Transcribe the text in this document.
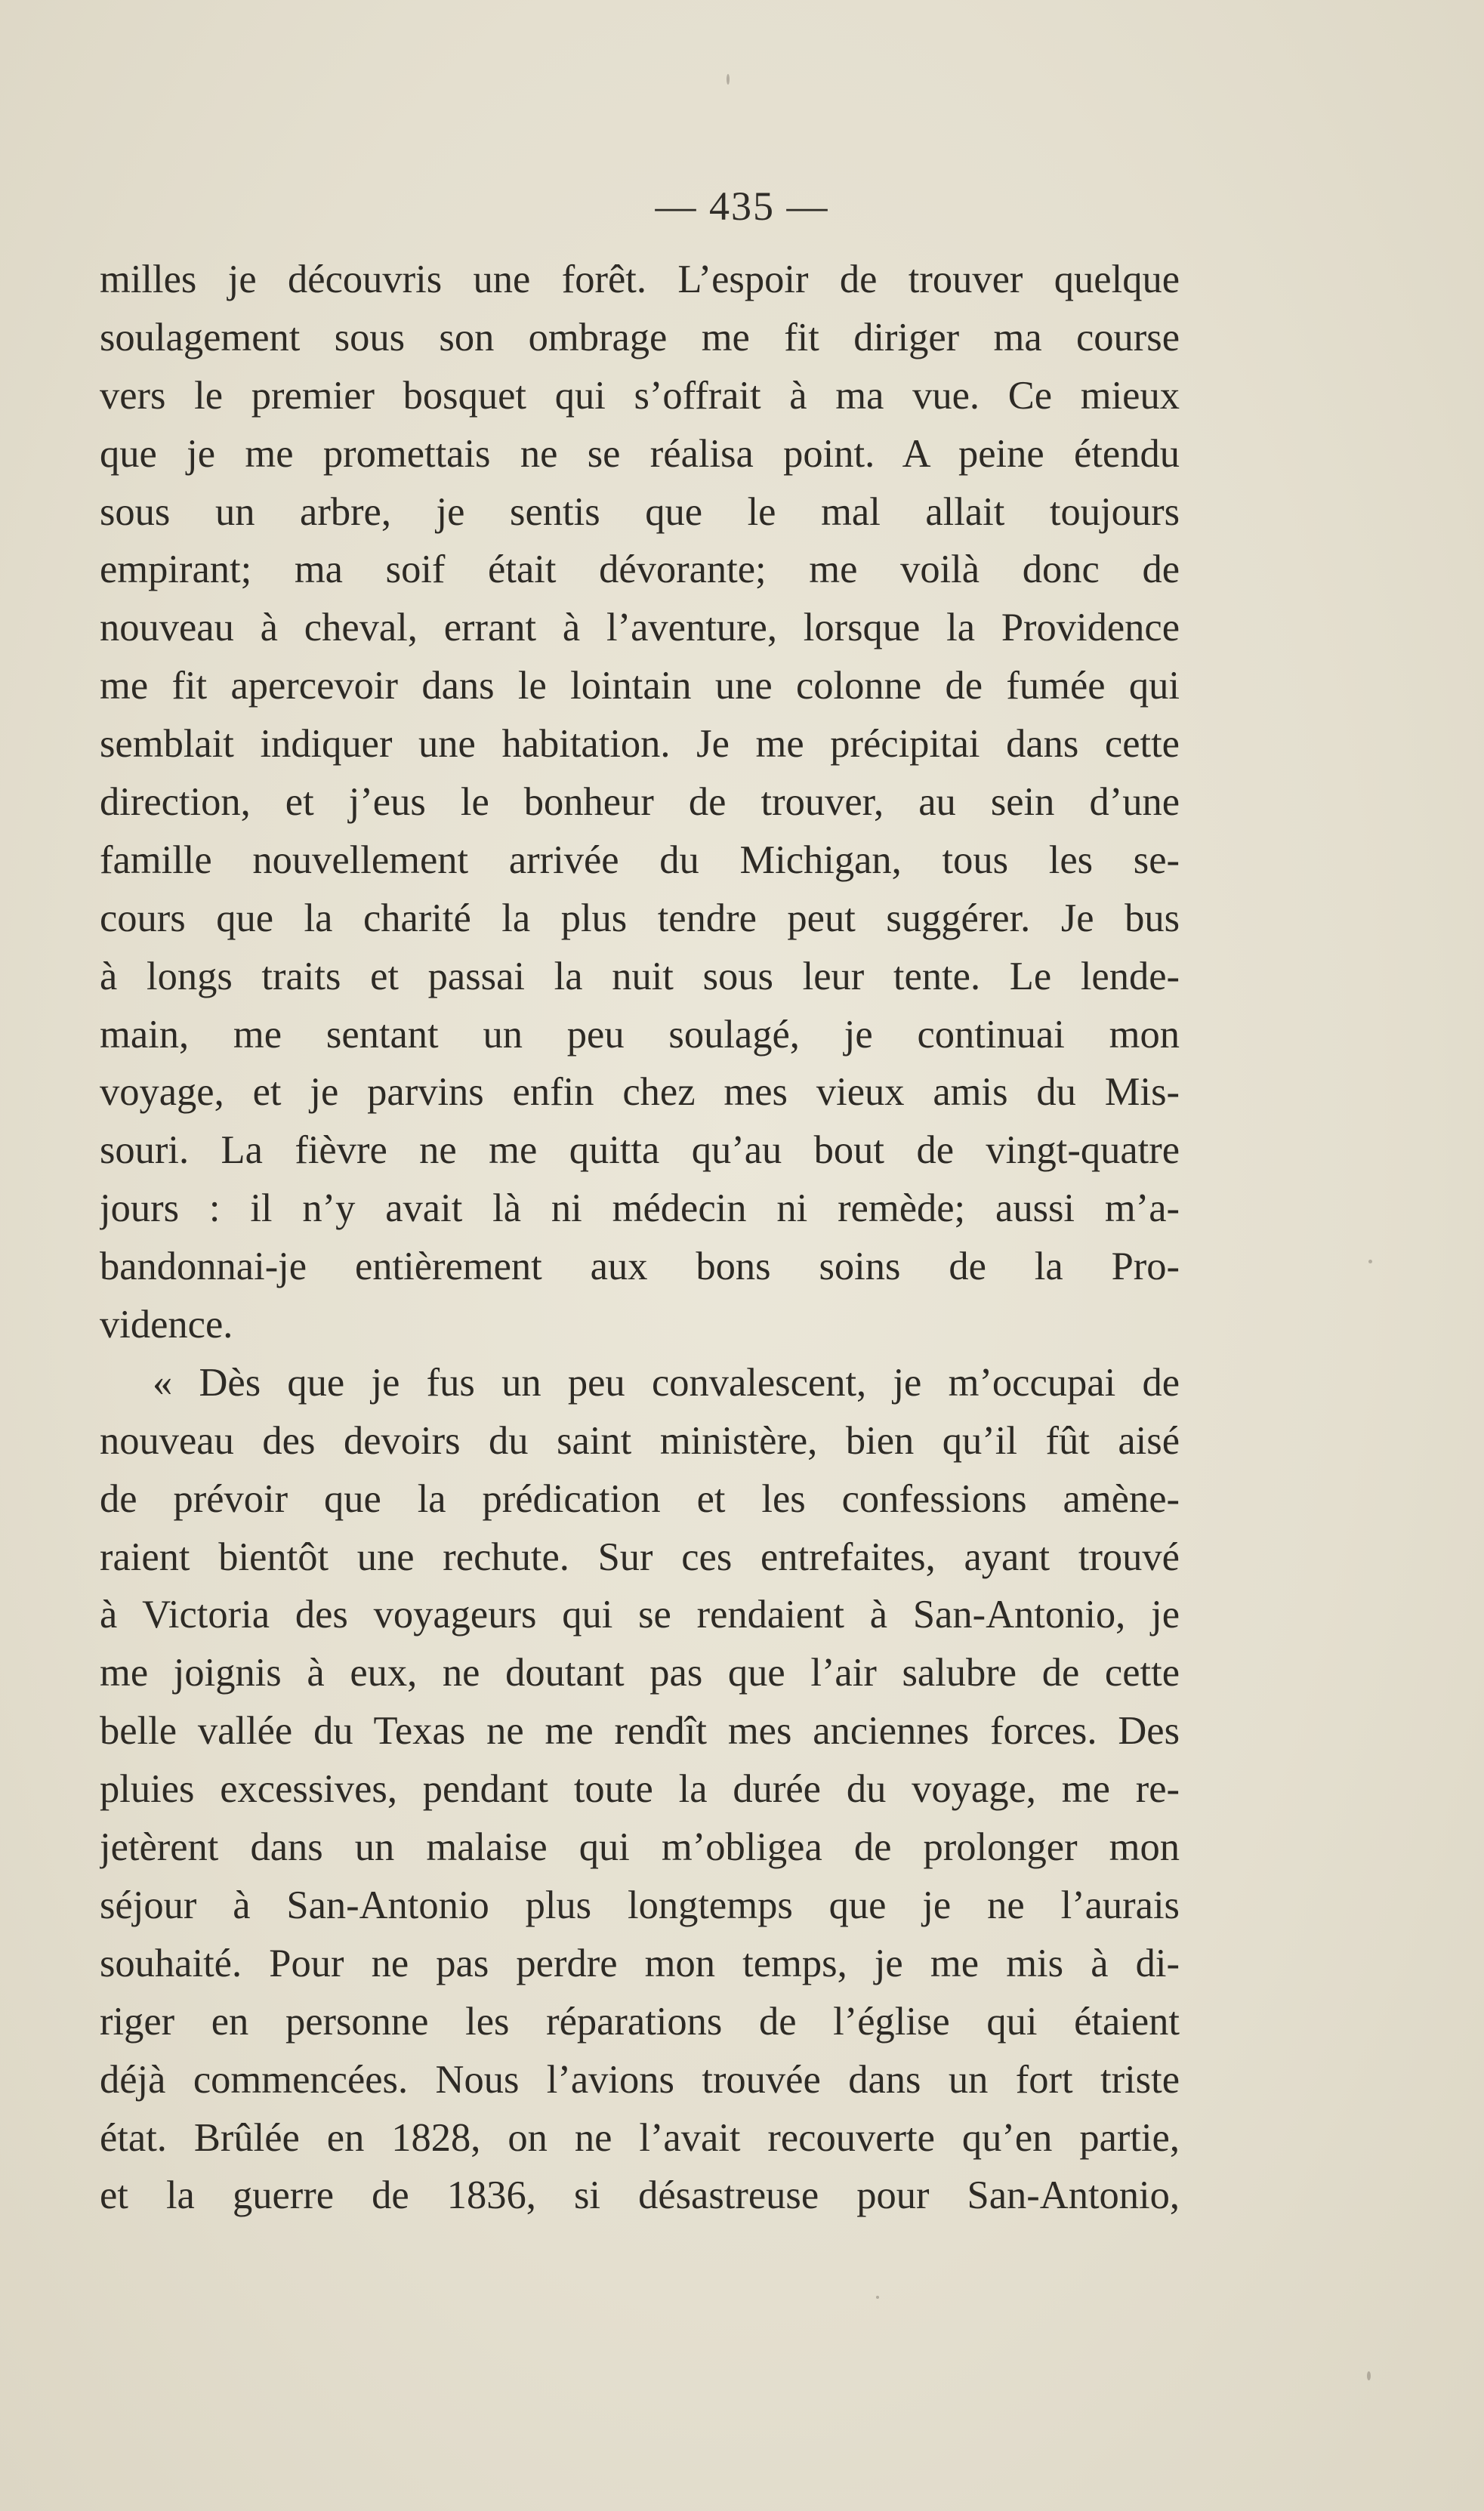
— 435 —
milles je découvris une forêt. L’espoir de trouver quelque
soulagement sous son ombrage me fit diriger ma course
vers le premier bosquet qui s’offrait à ma vue. Ce mieux
que je me promettais ne se réalisa point. A peine étendu
sous un arbre, je sentis que le mal allait toujours
empirant; ma soif était dévorante; me voilà donc de
nouveau à cheval, errant à l’aventure, lorsque la Providence
me fit apercevoir dans le lointain une colonne de fumée qui
semblait indiquer une habitation. Je me précipitai dans cette
direction, et j’eus le bonheur de trouver, au sein d’une
famille nouvellement arrivée du Michigan, tous les se-
cours que la charité la plus tendre peut suggérer. Je bus
à longs traits et passai la nuit sous leur tente. Le lende-
main, me sentant un peu soulagé, je continuai mon
voyage, et je parvins enfin chez mes vieux amis du Mis-
souri. La fièvre ne me quitta qu’au bout de vingt-quatre
jours : il n’y avait là ni médecin ni remède; aussi m’a-
bandonnai-je entièrement aux bons soins de la Pro-
vidence.
« Dès que je fus un peu convalescent, je m’occupai de
nouveau des devoirs du saint ministère, bien qu’il fût aisé
de prévoir que la prédication et les confessions amène-
raient bientôt une rechute. Sur ces entrefaites, ayant trouvé
à Victoria des voyageurs qui se rendaient à San-Antonio, je
me joignis à eux, ne doutant pas que l’air salubre de cette
belle vallée du Texas ne me rendît mes anciennes forces. Des
pluies excessives, pendant toute la durée du voyage, me re-
jetèrent dans un malaise qui m’obligea de prolonger mon
séjour à San-Antonio plus longtemps que je ne l’aurais
souhaité. Pour ne pas perdre mon temps, je me mis à di-
riger en personne les réparations de l’église qui étaient
déjà commencées. Nous l’avions trouvée dans un fort triste
état. Brûlée en 1828, on ne l’avait recouverte qu’en partie,
et la guerre de 1836, si désastreuse pour San-Antonio,
